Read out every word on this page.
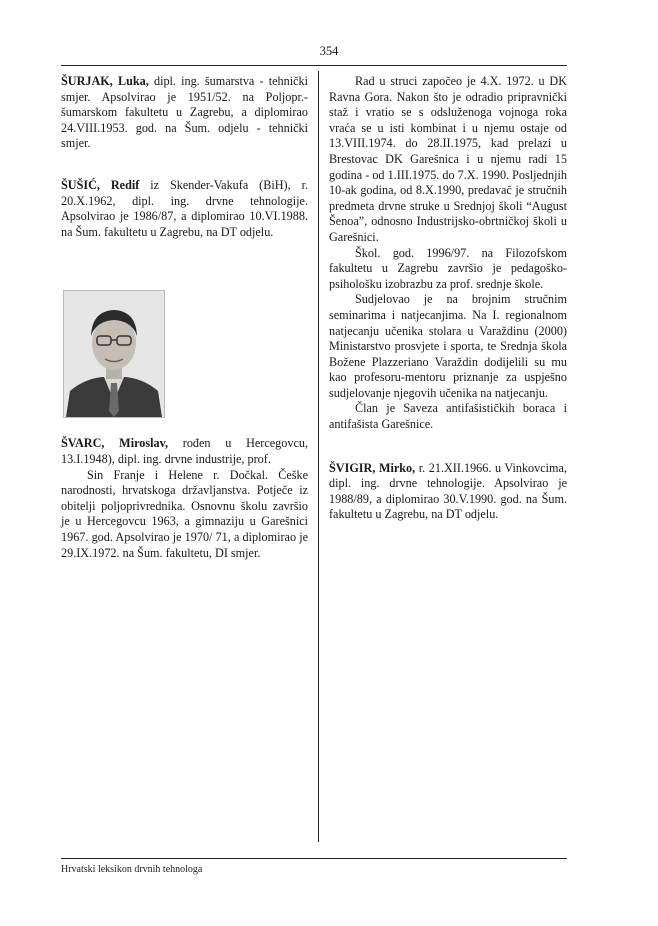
354

ŠURJAK, Luka, dipl. ing. šumarstva - tehnički smjer. Apsolvirao je 1951/52. na Poljopr.-šumarskom fakultetu u Zagrebu, a diplomirao 24.VIII.1953. god. na Šum. odjelu - tehnički smjer.

ŠUŠIĆ, Redif iz Skender-Vakufa (BiH), r. 20.X.1962, dipl. ing. drvne tehnologije. Apsolvirao je 1986/87, a diplomirao 10.VI.1988. na Šum. fakultetu u Zagrebu, na DT odjelu.

ŠVARC, Miroslav, rođen u Hercegovcu, 13.I.1948), dipl. ing. drvne industrije, prof.
Sin Franje i Helene r. Dočkal. Češke narodnosti, hrvatskoga državljanstva. Potječe iz obitelji poljoprivrednika. Osnovnu školu završio je u Hercegovcu 1963, a gimnaziju u Garešnici 1967. god. Apsolvirao je 1970/ 71, a diplomirao je 29.IX.1972. na Šum. fakultetu, DI smjer.

Rad u struci započeo je 4.X. 1972. u DK Ravna Gora. Nakon što je odradio pripravnički staž i vratio se s odsluženoga vojnoga roka vraća se u isti kombinat i u njemu ostaje od 13.VIII.1974. do 28.II.1975, kad prelazi u Brestovac DK Garešnica i u njemu radi 15 godina - od 1.III.1975. do 7.X. 1990. Posljednjih 10-ak godina, od 8.X.1990, predavač je stručnih predmeta drvne struke u Srednjoj školi “August Šenoa”, odnosno Industrijsko-obrtničkoj školi u Garešnici.
Škol. god. 1996/97. na Filozofskom fakultetu u Zagrebu završio je pedagoško-psihološku izobrazbu za prof. srednje škole.
Sudjelovao je na brojnim stručnim seminarima i natjecanjima. Na I. regionalnom natjecanju učenika stolara u Varaždinu (2000) Ministarstvo prosvjete i sporta, te Srednja škola Božene Plazzeriano Varaždin dodijelili su mu kao profesoru-mentoru priznanje za uspješno sudjelovanje njegovih učenika na natjecanju.
Član je Saveza antifašističkih boraca i antifašista Garešnice.

ŠVIGIR, Mirko, r. 21.XII.1966. u Vinkovcima, dipl. ing. drvne tehnologije. Apsolvirao je 1988/89, a diplomirao 30.V.1990. god. na Šum. fakultetu u Zagrebu, na DT odjelu.

Hrvatski leksikon drvnih tehnologa
